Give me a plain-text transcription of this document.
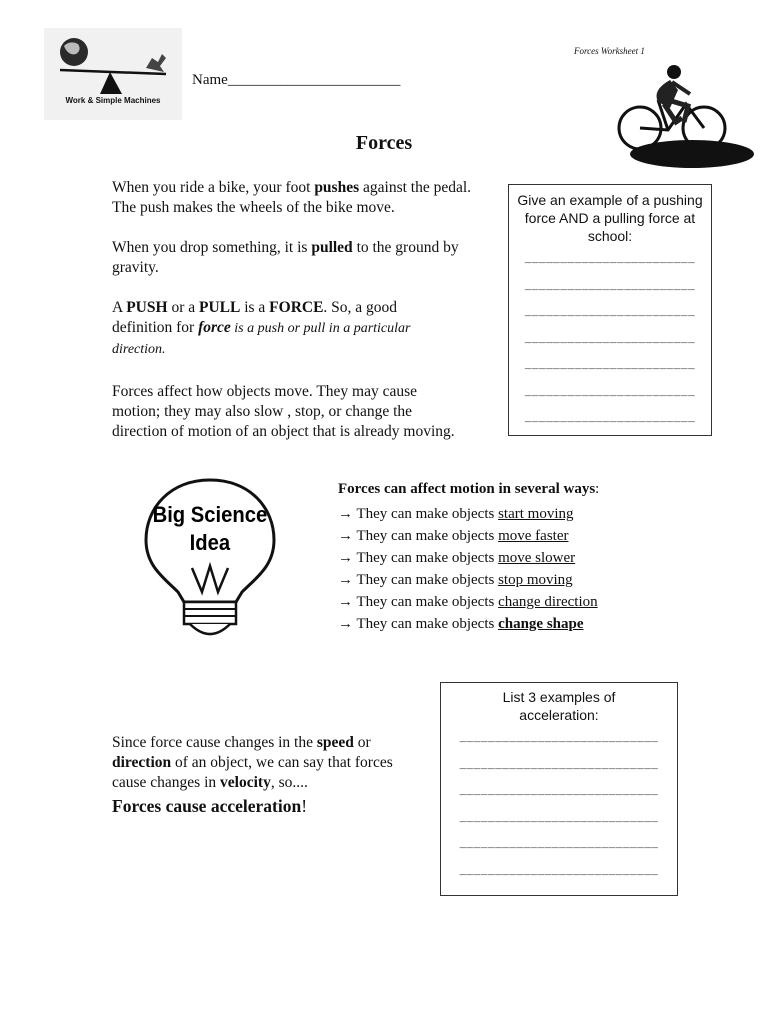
Work & Simple Machines
Name_______________________
Forces Worksheet 1
Forces
When you ride a bike, your foot pushes against the pedal. The push makes the wheels of the bike move.
When you drop something, it is pulled to the ground by gravity.
A PUSH or a PULL is a FORCE. So, a good definition for force is a push or pull in a particular direction.
Forces affect how objects move. They may cause motion; they may also slow , stop, or change the direction of motion of an object that is already moving.
Give an example of a pushing force AND a pulling force at school:
________________________
________________________
________________________
________________________
________________________
________________________
________________________
Big Science
Idea
Forces can affect motion in several ways:
→ They can make objects start moving
→ They can make objects move faster
→ They can make objects move slower
→ They can make objects stop moving
→ They can make objects change direction
→ They can make objects change shape
List 3 examples of acceleration:
____________________________
____________________________
____________________________
____________________________
____________________________
____________________________
Since force cause changes in the speed or direction of an object, we can say that forces cause changes in velocity, so....
Forces cause acceleration!
